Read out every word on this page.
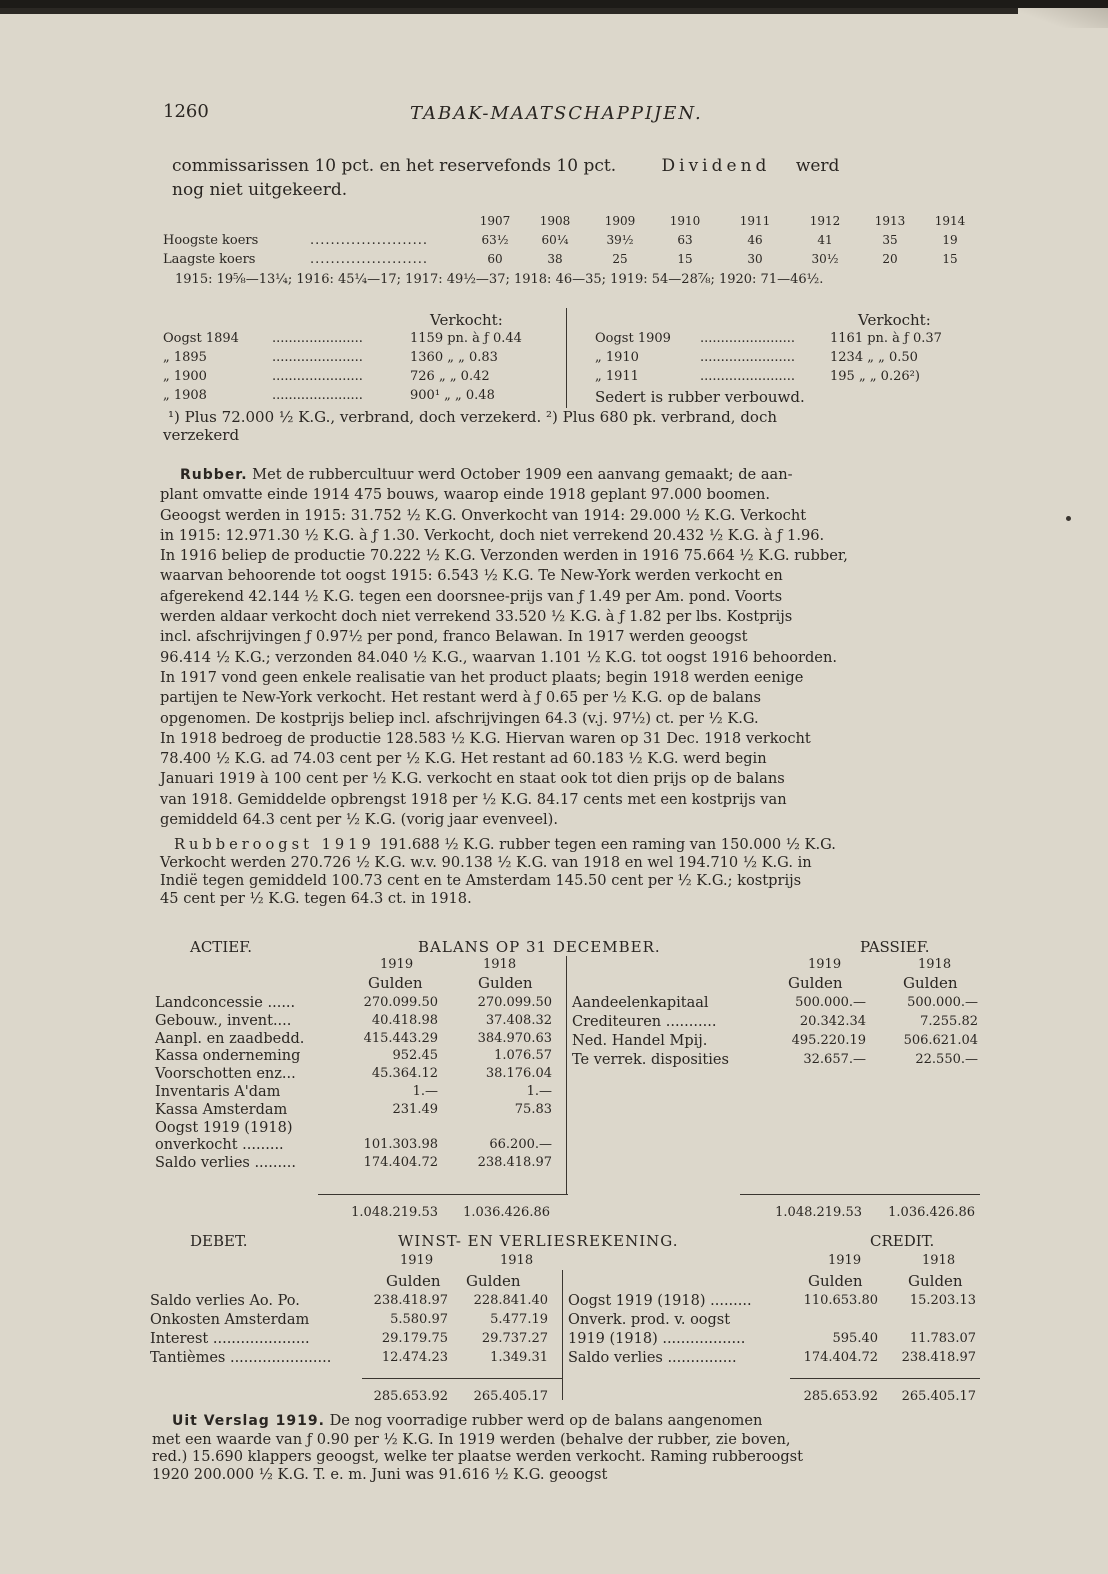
1260	TABAK-MAATSCHAPPIJEN.
commissarissen 10 pct. en het reservefonds 10 pct.	Dividend werd
nog niet uitgekeerd.
1907	1908	1909	1910	1911	1912	1913	1914
Hoogste koers	.......................	63½	60¼	39½	63	46	41	35	19
Laagste koers	.......................	60	38	25	15	30	30½	20	15
1915: 19⅝—13¼; 1916: 45¼—17; 1917: 49½—37; 1918: 46—35; 1919: 54—28⅞; 1920: 71—46½.
Verkocht:	Verkocht:
Oogst 1894	......................	1159 pn. à ƒ 0.44
„ 1895	......................	1360 „ „ 0.83
„ 1900	......................	726 „ „ 0.42
„ 1908	......................	900¹ „ „ 0.48
Oogst 1909 .......................	1161 pn. à ƒ 0.37
„ 1910	.......................	1234 „ „ 0.50
„ 1911	.......................	195 „ „ 0.26²)
Sedert is rubber verbouwd.
¹) Plus 72.000 ½ K.G., verbrand, doch verzekerd. ²) Plus 680 pk. verbrand, doch
verzekerd

Rubber. Met de rubbercultuur werd October 1909 een aanvang gemaakt; de aan-

plant omvatte einde 1914 475 bouws, waarop einde 1918 geplant 97.000 boomen.

Geoogst werden in 1915: 31.752 ½ K.G. Onverkocht van 1914: 29.000 ½ K.G. Verkocht

in 1915: 12.971.30 ½ K.G. à ƒ 1.30. Verkocht, doch niet verrekend 20.432 ½ K.G. à ƒ 1.96.

In 1916 beliep de productie 70.222 ½ K.G. Verzonden werden in 1916 75.664 ½ K.G. rubber,

waarvan behoorende tot oogst 1915: 6.543 ½ K.G. Te New-York werden verkocht en

afgerekend 42.144 ½ K.G. tegen een doorsnee-prijs van ƒ 1.49 per Am. pond. Voorts

werden aldaar verkocht doch niet verrekend 33.520 ½ K.G. à ƒ 1.82 per lbs. Kostprijs

incl. afschrijvingen ƒ 0.97½ per pond, franco Belawan. In 1917 werden geoogst

96.414 ½ K.G.; verzonden 84.040 ½ K.G., waarvan 1.101 ½ K.G. tot oogst 1916 behoorden.

In 1917 vond geen enkele realisatie van het product plaats; begin 1918 werden eenige

partijen te New-York verkocht. Het restant werd à ƒ 0.65 per ½ K.G. op de balans

opgenomen. De kostprijs beliep incl. afschrijvingen 64.3 (v.j. 97½) ct. per ½ K.G.

In 1918 bedroeg de productie 128.583 ½ K.G. Hiervan waren op 31 Dec. 1918 verkocht

78.400 ½ K.G. ad 74.03 cent per ½ K.G. Het restant ad 60.183 ½ K.G. werd begin

Januari 1919 à 100 cent per ½ K.G. verkocht en staat ook tot dien prijs op de balans

van 1918. Gemiddelde opbrengst 1918 per ½ K.G. 84.17 cents met een kostprijs van

gemiddeld 64.3 cent per ½ K.G. (vorig jaar evenveel).

Rubberoogst 1919 191.688 ½ K.G. rubber tegen een raming van 150.000 ½ K.G.

Verkocht werden 270.726 ½ K.G. w.v. 90.138 ½ K.G. van 1918 en wel 194.710 ½ K.G. in

Indië tegen gemiddeld 100.73 cent en te Amsterdam 145.50 cent per ½ K.G.; kostprijs

45 cent per ½ K.G. tegen 64.3 ct. in 1918.

ACTIEF.	BALANS OP 31 DECEMBER.	PASSIEF.
1919	1918	1919	1918
Gulden	Gulden	Gulden	Gulden
Landconcessie ......	270.099.50	270.099.50
Gebouw., invent....	40.418.98	37.408.32
Aanpl. en zaadbedd.	415.443.29	384.970.63
Kassa onderneming	952.45	1.076.57
Voorschotten enz...	45.364.12	38.176.04
Inventaris A'dam	1.—	1.—
Kassa Amsterdam	231.49	75.83
Oogst 1919 (1918)
onverkocht .........	101.303.98	66.200.—
Saldo verlies .........	174.404.72	238.418.97
Aandeelenkapitaal	500.000.—	500.000.—
Crediteuren ...........	20.342.34	7.255.82
Ned. Handel Mpij.	495.220.19	506.621.04
Te verrek. disposities	32.657.—	22.550.—
1.048.219.53	1.036.426.86	1.048.219.53	1.036.426.86
DEBET.	WINST- EN VERLIESREKENING.	CREDIT.
1919	1918	1919	1918
Gulden Gulden	Gulden	Gulden
Saldo verlies Ao. Po.	238.418.97	228.841.40
Onkosten Amsterdam	5.580.97	5.477.19
Interest .....................	29.179.75	29.737.27
Tantièmes ......................	12.474.23	1.349.31
Oogst 1919 (1918) .........	110.653.80	15.203.13
Onverk. prod. v. oogst
1919 (1918) ..................	595.40	11.783.07
Saldo verlies ...............	174.404.72	238.418.97
285.653.92	265.405.17	285.653.92	265.405.17

Uit Verslag 1919. De nog voorradige rubber werd op de balans aangenomen

met een waarde van ƒ 0.90 per ½ K.G. In 1919 werden (behalve der rubber, zie boven,

red.) 15.690 klappers geoogst, welke ter plaatse werden verkocht. Raming rubberoogst

1920 200.000 ½ K.G. T. e. m. Juni was 91.616 ½ K.G. geoogst
